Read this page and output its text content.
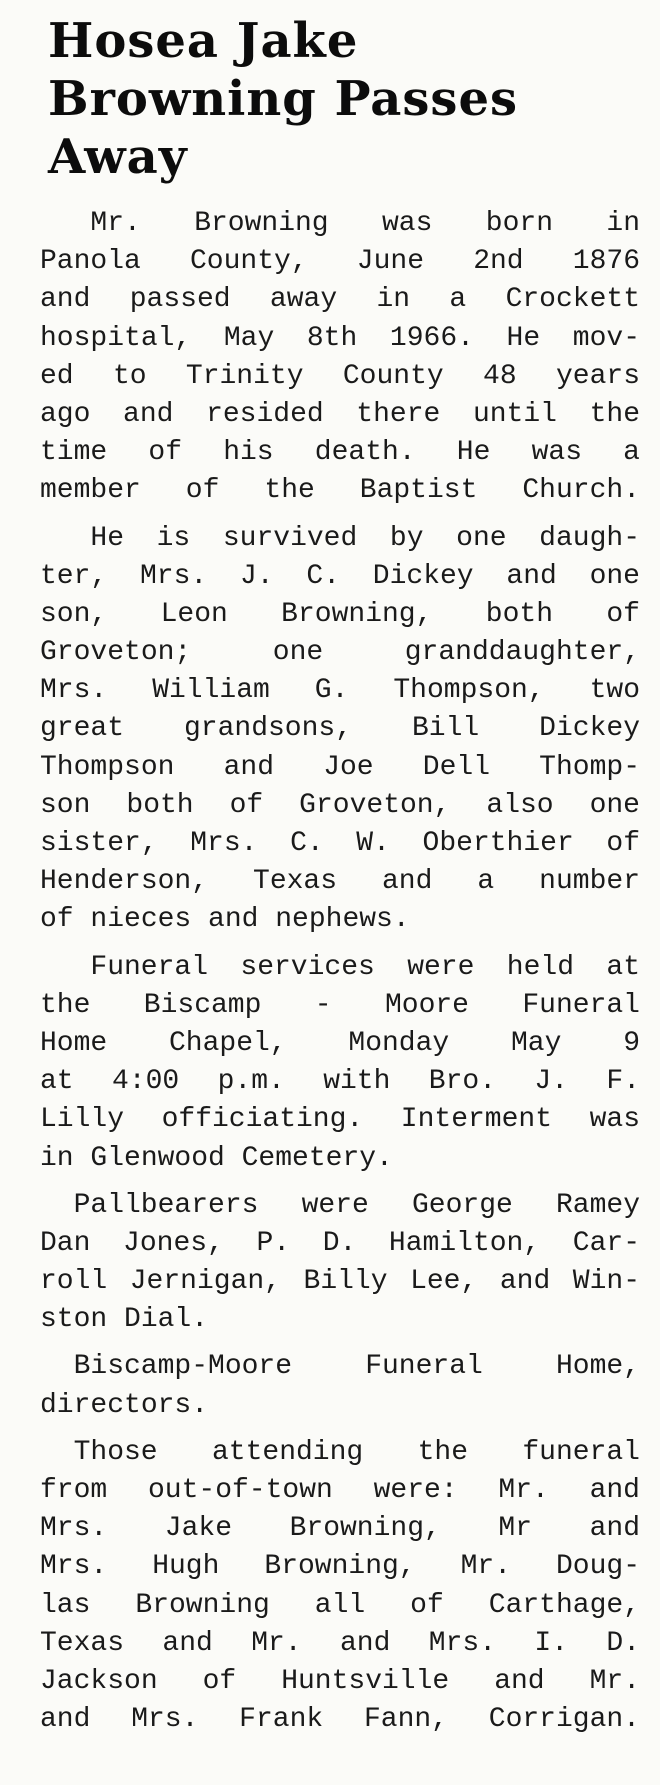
Hosea Jake
Browning Passes
Away
Mr. Browning was born in
Panola County, June 2nd 1876
and passed away in a Crockett
hospital, May 8th 1966. He mov-
ed to Trinity County 48 years
ago and resided there until the
time of his death. He was a
member of the Baptist Church.
He is survived by one daugh-
ter, Mrs. J. C. Dickey and one
son, Leon Browning, both of
Groveton; one granddaughter,
Mrs. William G. Thompson, two
great grandsons, Bill Dickey
Thompson and Joe Dell Thomp-
son both of Groveton, also one
sister, Mrs. C. W. Oberthier of
Henderson, Texas and a number
of nieces and nephews.
Funeral services were held at
the Biscamp - Moore Funeral
Home Chapel, Monday May 9
at 4:00 p.m. with Bro. J. F.
Lilly officiating. Interment was
in Glenwood Cemetery.
Pallbearers were George Ramey
Dan Jones, P. D. Hamilton, Car-
roll Jernigan, Billy Lee, and Win-
ston Dial.
Biscamp-Moore Funeral Home,
directors.
Those attending the funeral
from out-of-town were: Mr. and
Mrs. Jake Browning, Mr and
Mrs. Hugh Browning, Mr. Doug-
las Browning all of Carthage,
Texas and Mr. and Mrs. I. D.
Jackson of Huntsville and Mr.
and Mrs. Frank Fann, Corrigan.
